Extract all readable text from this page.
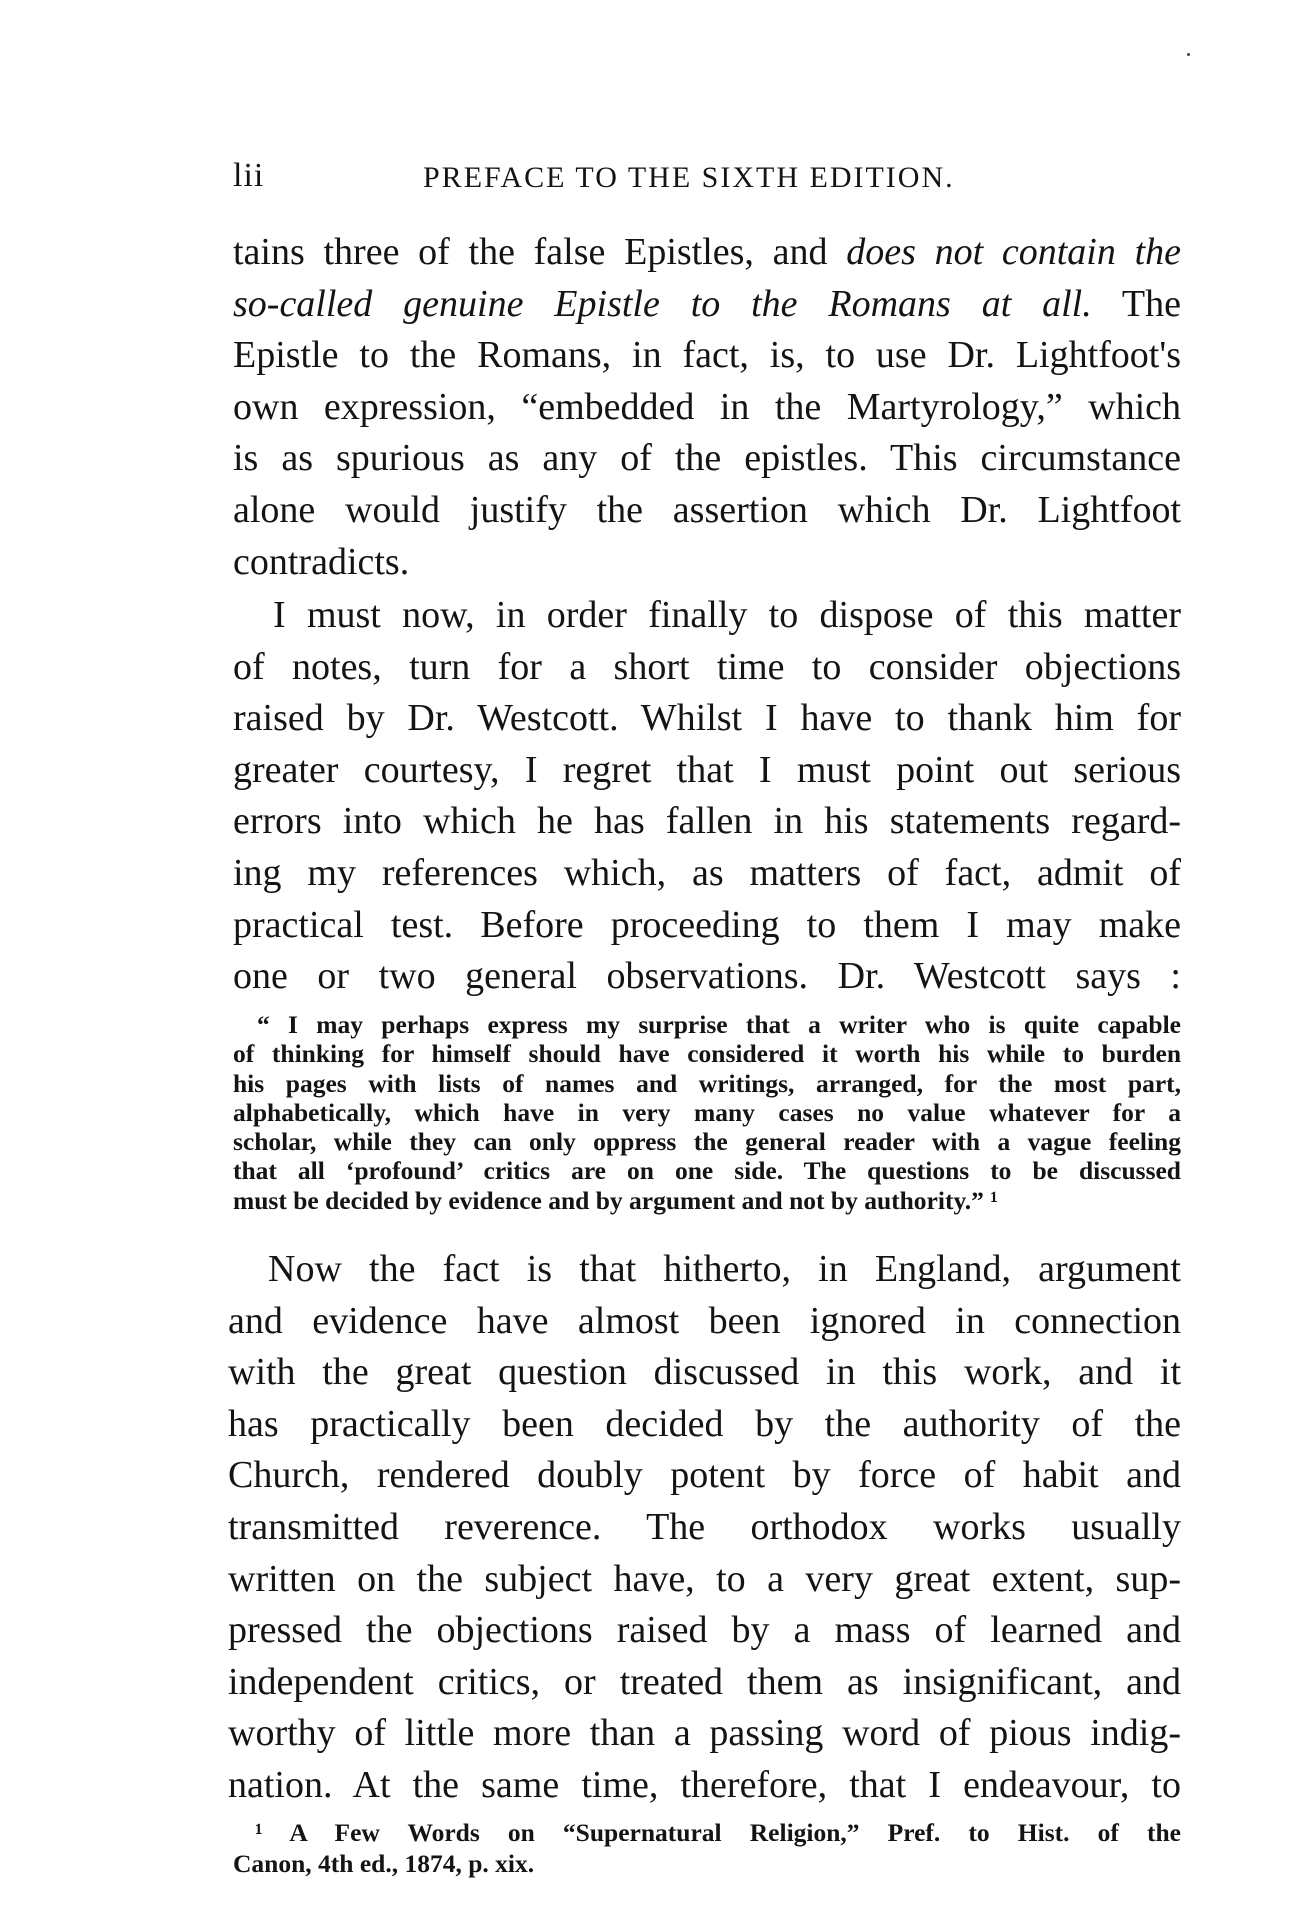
lii	PREFACE TO THE SIXTH EDITION.
tains three of the false Epistles, and does not contain the
so-called genuine Epistle to the Romans at all. The
Epistle to the Romans, in fact, is, to use Dr. Lightfoot's
own expression, “embedded in the Martyrology,” which
is as spurious as any of the epistles. This circumstance
alone would justify the assertion which Dr. Lightfoot
contradicts.
I must now, in order finally to dispose of this matter
of notes, turn for a short time to consider objections
raised by Dr. Westcott. Whilst I have to thank him for
greater courtesy, I regret that I must point out serious
errors into which he has fallen in his statements regard-
ing my references which, as matters of fact, admit of
practical test. Before proceeding to them I may make
one or two general observations. Dr. Westcott says :
“ I may perhaps express my surprise that a writer who is quite capable
of thinking for himself should have considered it worth his while to burden
his pages with lists of names and writings, arranged, for the most part,
alphabetically, which have in very many cases no value whatever for a
scholar, while they can only oppress the general reader with a vague feeling
that all ‘profound’ critics are on one side. The questions to be discussed
must be decided by evidence and by argument and not by authority.” ¹
Now the fact is that hitherto, in England, argument
and evidence have almost been ignored in connection
with the great question discussed in this work, and it
has practically been decided by the authority of the
Church, rendered doubly potent by force of habit and
transmitted reverence. The orthodox works usually
written on the subject have, to a very great extent, sup-
pressed the objections raised by a mass of learned and
independent critics, or treated them as insignificant, and
worthy of little more than a passing word of pious indig-
nation. At the same time, therefore, that I endeavour, to
¹ A Few Words on “Supernatural Religion,” Pref. to Hist. of the
Canon, 4th ed., 1874, p. xix.
